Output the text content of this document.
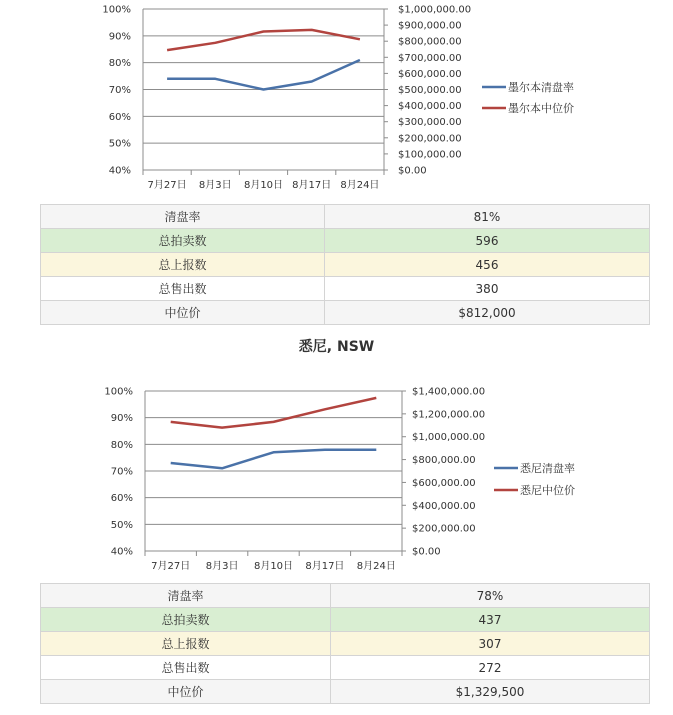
40%
50%
60%
70%
80%
90%
100%
$0.00
$100,000.00
$200,000.00
$300,000.00
$400,000.00
$500,000.00
$600,000.00
$700,000.00
$800,000.00
$900,000.00
$1,000,000.00
7月27日 8月3日 8月10日 8月17日 8月24日
墨尔本清盘率
墨尔本中位价
清盘率	81%
总拍卖数	596
总上报数	456
总售出数	380
中位价	$812,000
悉尼, NSW
40%
50%
60%
70%
80%
90%
100%
$0.00
$200,000.00
$400,000.00
$600,000.00
$800,000.00
$1,000,000.00
$1,200,000.00
$1,400,000.00
7月27日 8月3日 8月10日 8月17日 8月24日
悉尼清盘率
悉尼中位价
清盘率	78%
总拍卖数	437
总上报数	307
总售出数	272
中位价	$1,329,500
